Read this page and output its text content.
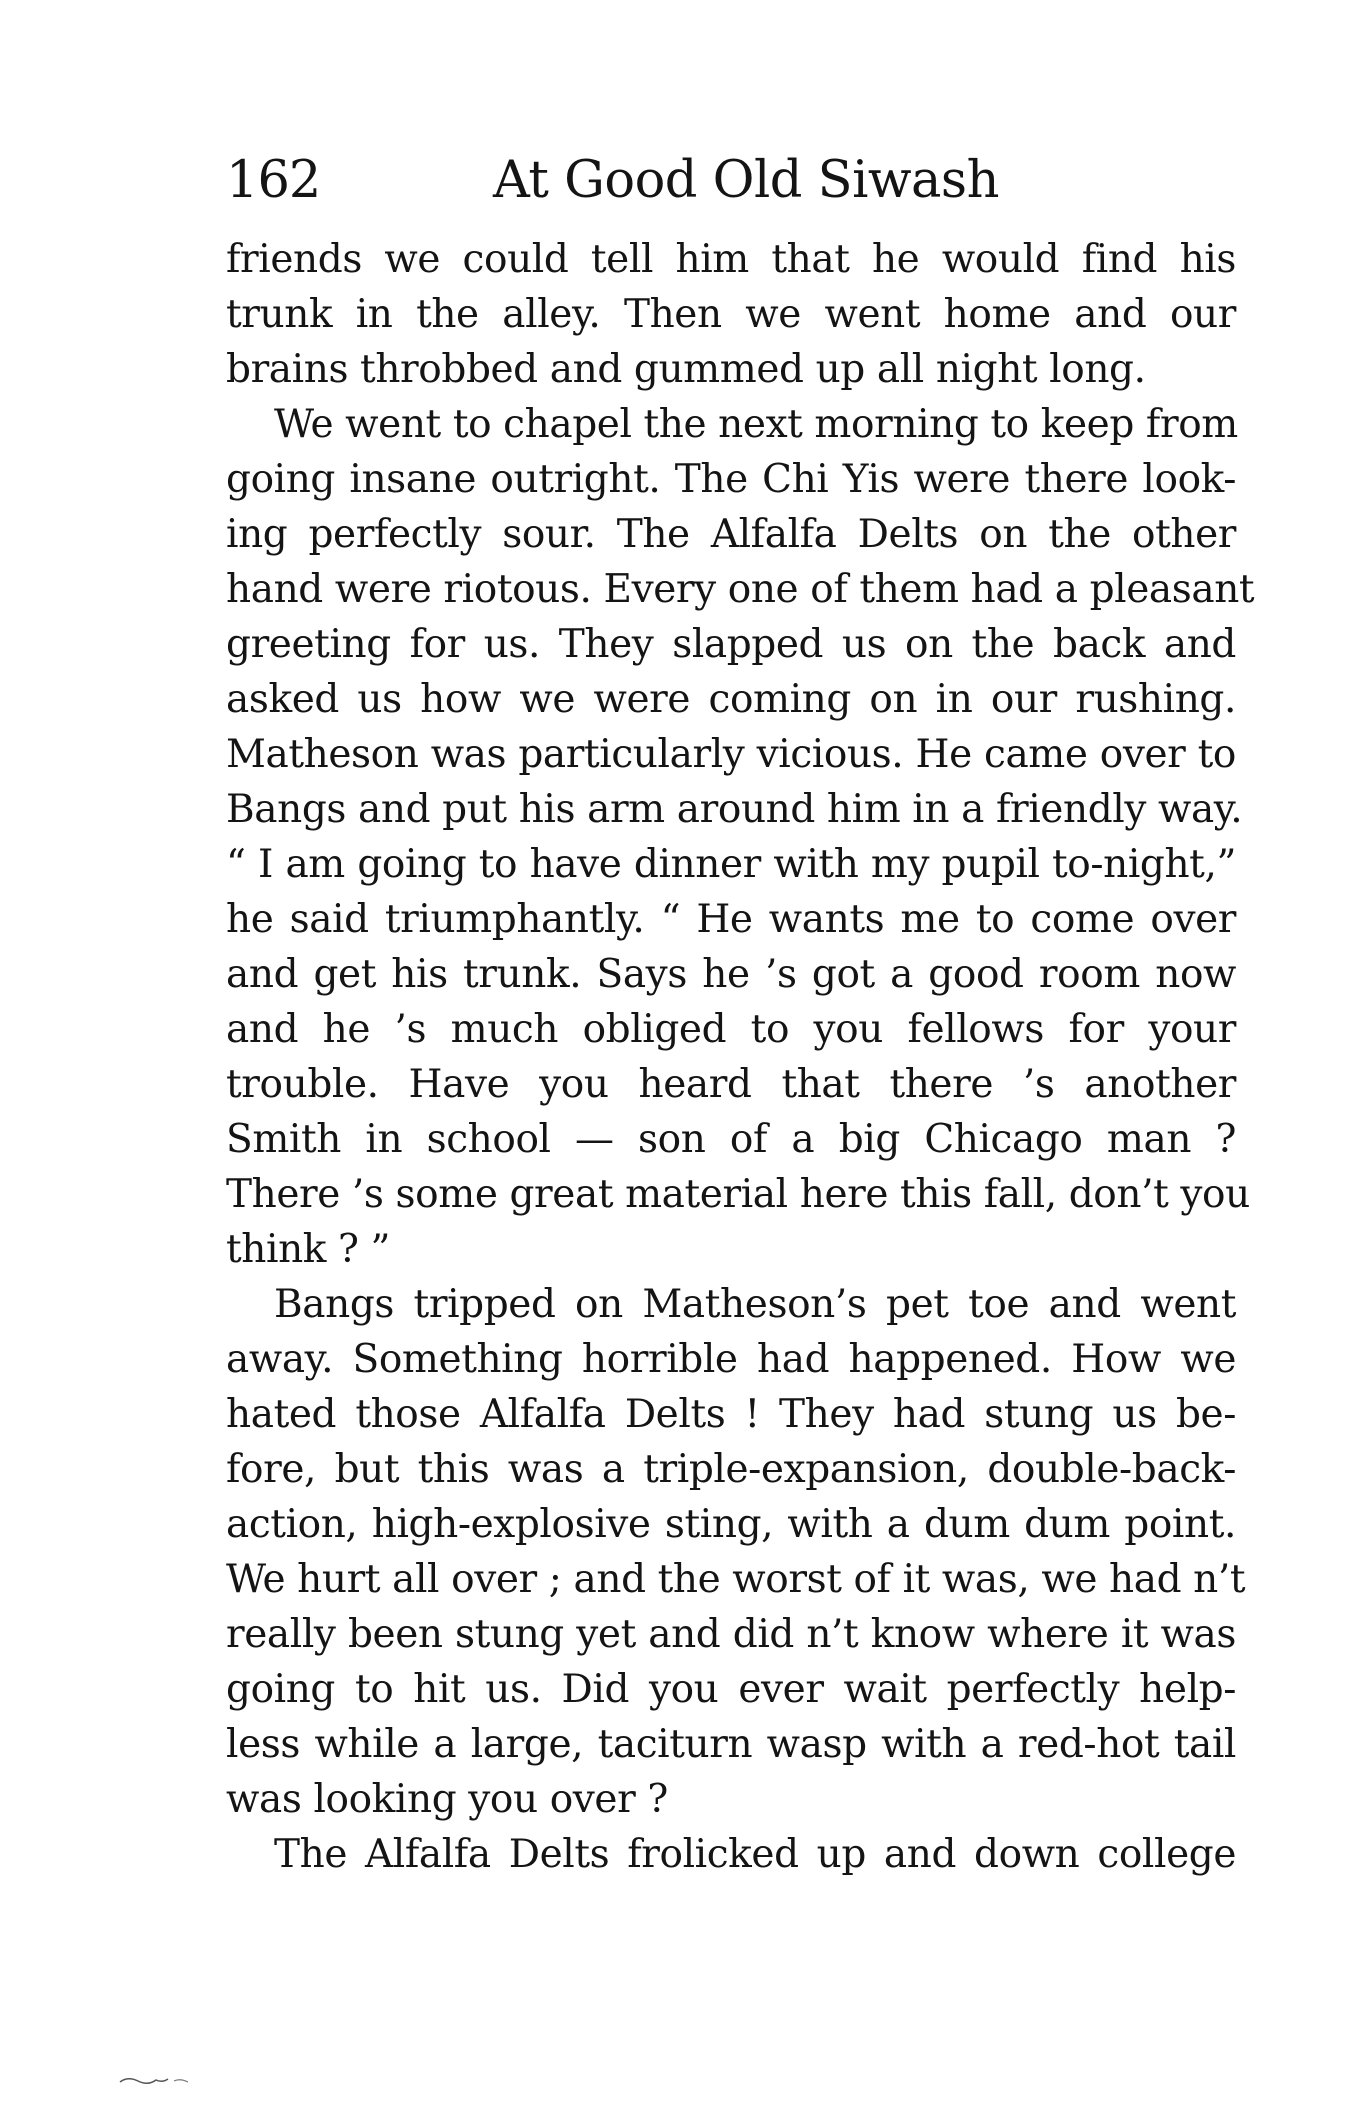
162	At Good Old Siwash
friends we could tell him that he would find his
trunk in the alley. Then we went home and our
brains throbbed and gummed up all night long.
We went to chapel the next morning to keep from
going insane outright. The Chi Yis were there look-
ing perfectly sour. The Alfalfa Delts on the other
hand were riotous. Every one of them had a pleasant
greeting for us. They slapped us on the back and
asked us how we were coming on in our rushing.
Matheson was particularly vicious. He came over to
Bangs and put his arm around him in a friendly way.
“ I am going to have dinner with my pupil to-night,”
he said triumphantly. “ He wants me to come over
and get his trunk. Says he ’s got a good room now
and he ’s much obliged to you fellows for your
trouble. Have you heard that there ’s another
Smith in school — son of a big Chicago man ?
There ’s some great material here this fall, don’t you
think ? ”
Bangs tripped on Matheson’s pet toe and went
away. Something horrible had happened. How we
hated those Alfalfa Delts ! They had stung us be-
fore, but this was a triple-expansion, double-back-
action, high-explosive sting, with a dum dum point.
We hurt all over ; and the worst of it was, we had n’t
really been stung yet and did n’t know where it was
going to hit us. Did you ever wait perfectly help-
less while a large, taciturn wasp with a red-hot tail
was looking you over ?
The Alfalfa Delts frolicked up and down college
